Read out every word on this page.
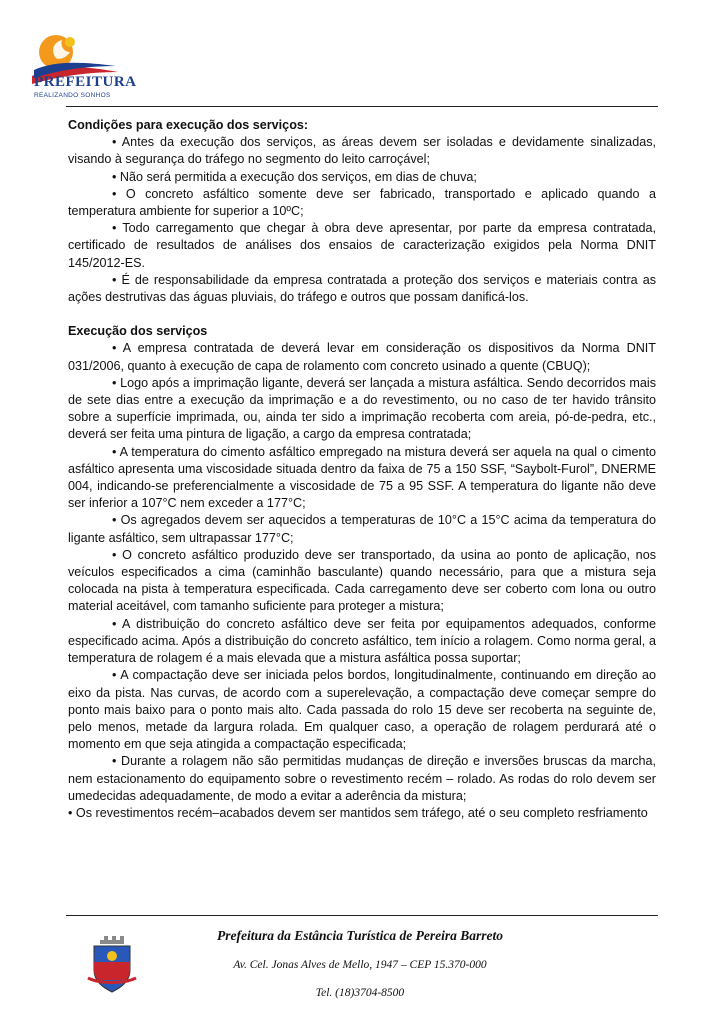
PREFEITURA
REALIZANDO SONHOS

Condições para execução dos serviços:

• Antes da execução dos serviços, as áreas devem ser isoladas e devidamente sinalizadas, visando à segurança do tráfego no segmento do leito carroçável;

• Não será permitida a execução dos serviços, em dias de chuva;

• O concreto asfáltico somente deve ser fabricado, transportado e aplicado quando a temperatura ambiente for superior a 10ºC;

• Todo carregamento que chegar à obra deve apresentar, por parte da empresa contratada, certificado de resultados de análises dos ensaios de caracterização exigidos pela Norma DNIT 145/2012-ES.

• É de responsabilidade da empresa contratada a proteção dos serviços e materiais contra as ações destrutivas das águas pluviais, do tráfego e outros que possam danificá-los.

Execução dos serviços

• A empresa contratada de deverá levar em consideração os dispositivos da Norma DNIT 031/2006, quanto à execução de capa de rolamento com concreto usinado a quente (CBUQ);

• Logo após a imprimação ligante, deverá ser lançada a mistura asfáltica. Sendo decorridos mais de sete dias entre a execução da imprimação e a do revestimento, ou no caso de ter havido trânsito sobre a superfície imprimada, ou, ainda ter sido a imprimação recoberta com areia, pó-de-pedra, etc., deverá ser feita uma pintura de ligação, a cargo da empresa contratada;

• A temperatura do cimento asfáltico empregado na mistura deverá ser aquela na qual o cimento asfáltico apresenta uma viscosidade situada dentro da faixa de 75 a 150 SSF, “Saybolt-Furol”, DNERME 004, indicando-se preferencialmente a viscosidade de 75 a 95 SSF. A temperatura do ligante não deve ser inferior a 107°C nem exceder a 177°C;

• Os agregados devem ser aquecidos a temperaturas de 10°C a 15°C acima da temperatura do ligante asfáltico, sem ultrapassar 177°C;

• O concreto asfáltico produzido deve ser transportado, da usina ao ponto de aplicação, nos veículos especificados a cima (caminhão basculante) quando necessário, para que a mistura seja colocada na pista à temperatura especificada. Cada carregamento deve ser coberto com lona ou outro material aceitável, com tamanho suficiente para proteger a mistura;

• A distribuição do concreto asfáltico deve ser feita por equipamentos adequados, conforme especificado acima. Após a distribuição do concreto asfáltico, tem início a rolagem. Como norma geral, a temperatura de rolagem é a mais elevada que a mistura asfáltica possa suportar;

• A compactação deve ser iniciada pelos bordos, longitudinalmente, continuando em direção ao eixo da pista. Nas curvas, de acordo com a superelevação, a compactação deve começar sempre do ponto mais baixo para o ponto mais alto. Cada passada do rolo 15 deve ser recoberta na seguinte de, pelo menos, metade da largura rolada. Em qualquer caso, a operação de rolagem perdurará até o momento em que seja atingida a compactação especificada;

• Durante a rolagem não são permitidas mudanças de direção e inversões bruscas da marcha, nem estacionamento do equipamento sobre o revestimento recém – rolado. As rodas do rolo devem ser umedecidas adequadamente, de modo a evitar a aderência da mistura;

• Os revestimentos recém–acabados devem ser mantidos sem tráfego, até o seu completo resfriamento

Prefeitura da Estância Turística de Pereira Barreto
Av. Cel. Jonas Alves de Mello, 1947 – CEP 15.370-000
Tel. (18)3704-8500
